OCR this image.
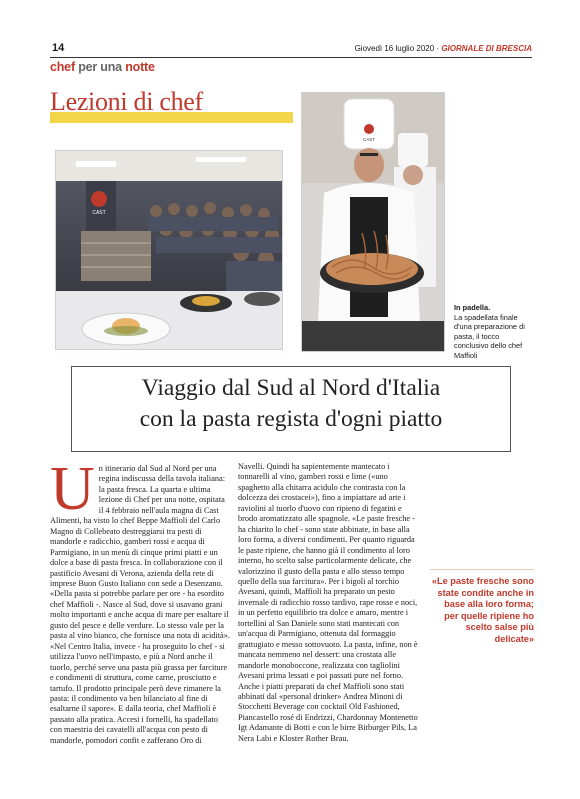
14	Giovedì 16 luglio 2020 · GIORNALE DI BRESCIA
chef per una notte
Lezioni di chef
CAST
CAST
In padella.
La spadellata finale d'una preparazione di pasta, il tocco conclusivo dello chef Maffioli
Viaggio dal Sud al Nord d'Italia
con la pasta regista d'ogni piatto
U n itinerario dal Sud al Nord per una regina indiscussa della tavola italiana: la pasta fresca. La quarta e ultima lezione di Chef per una notte, ospitata il 4 febbraio nell'aula magna di Cast Alimenti, ha visto lo chef Beppe Maffioli del Carlo Magno di Collebeato destreggiarsi tra pesti di mandorle e radicchio, gamberi rossi e acqua di Parmigiano, in un menù di cinque primi piatti e un dolce a base di pasta fresca. In collaborazione con il pastificio Avesani di Verona, azienda della rete di imprese Buon Gusto Italiano con sede a Desenzano. «Della pasta si potrebbe parlare per ore - ha esordito chef Maffioli -. Nasce al Sud, dove si usavano grani molto importanti e anche acqua di mare per esaltare il gusto del pesce e delle verdure. Lo stesso vale per la pasta al vino bianco, che fornisce una nota di acidità». «Nel Centro Italia, invece - ha proseguito lo chef - si utilizza l'uovo nell'impasto, e più a Nord anche il tuorlo, perché serve una pasta più grassa per farciture e condimenti di struttura, come carne, prosciutto e tartufo. Il prodotto principale però deve rimanere la pasta: il condimento va ben bilanciato al fine di esaltarne il sapore». E dalla teoria, chef Maffioli è passato alla pratica. Accesi i fornelli, ha spadellato con maestria dei cavatelli all'acqua con pesto di mandorle, pomodori confit e zafferano Oro di

Navelli. Quindi ha sapientemente mantecato i tonnarelli al vino, gamberi rossi e lime («uno spaghetto alla chitarra acidulo che contrasta con la dolcezza dei crostacei»), fino a impiattare ad arte i raviolini al tuorlo d'uovo con ripieno di fegatini e brodo aromatizzato alle spagnole. «Le paste fresche - ha chiarito lo chef - sono state abbinate, in base alla loro forma, a diversi condimenti. Per quanto riguarda le paste ripiene, che hanno già il condimento al loro interno, ho scelto salse particolarmente delicate, che valorizzino il gusto della pasta e allo stesso tempo quello della sua farcitura». Per i bigoli al torchio Avesani, quindi, Maffioli ha preparato un pesto invernale di radicchio rosso tardivo, rape rosse e noci, in un perfetto equilibrio tra dolce e amaro, mentre i tortellini al San Daniele sono stati mantecati con un'acqua di Parmigiano, ottenuta dal formaggio grattugiato e messo sottovuoto. La pasta, infine, non è mancata nemmeno nel dessert: una crostata alle mandorle monoboccone, realizzata con tagliolini Avesani prima lessati e poi passati pure nel forno.

Anche i piatti preparati da chef Maffioli sono stati abbinati dal «personal drinker» Andrea Minoni di Stocchetti Beverage con cocktail Old Fashioned, Piancastello rosé di Endrizzi, Chardonnay Montenetto Igt Adamante di Botti e con le birre Bitburger Pils, La Nera Labi e Kloster Rother Brau.

«Le paste fresche sono state condite anche in base alla loro forma; per quelle ripiene ho scelto salse più delicate»
